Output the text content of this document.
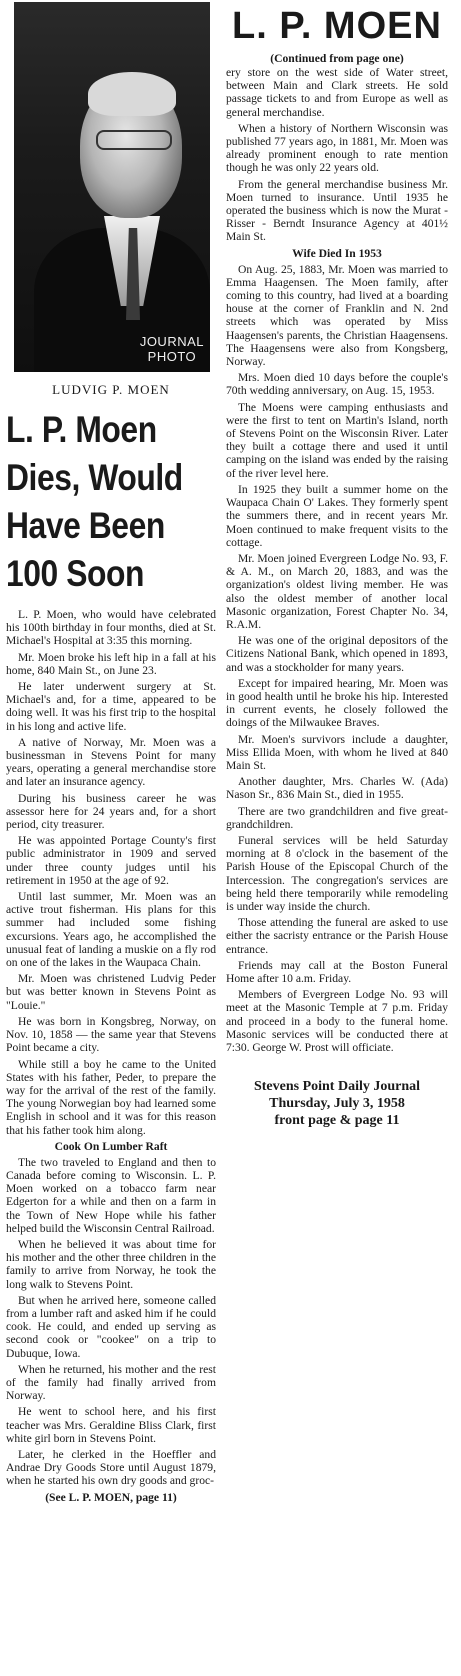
JOURNAL
PHOTO
LUDVIG P. MOEN
L. P. Moen Dies, Would Have Been 100 Soon

L. P. Moen, who would have celebrated his 100th birthday in four months, died at St. Michael's Hospital at 3:35 this morning.

Mr. Moen broke his left hip in a fall at his home, 840 Main St., on June 23.

He later underwent surgery at St. Michael's and, for a time, appeared to be doing well. It was his first trip to the hospital in his long and active life.

A native of Norway, Mr. Moen was a businessman in Stevens Point for many years, operating a general merchandise store and later an insurance agency.

During his business career he was assessor here for 24 years and, for a short period, city treasurer.

He was appointed Portage County's first public administrator in 1909 and served under three county judges until his retirement in 1950 at the age of 92.

Until last summer, Mr. Moen was an active trout fisherman. His plans for this summer had included some fishing excursions. Years ago, he accomplished the unusual feat of landing a muskie on a fly rod on one of the lakes in the Waupaca Chain.

Mr. Moen was christened Ludvig Peder but was better known in Stevens Point as "Louie."

He was born in Kongsbreg, Norway, on Nov. 10, 1858 — the same year that Stevens Point became a city.

While still a boy he came to the United States with his father, Peder, to prepare the way for the arrival of the rest of the family. The young Norwegian boy had learned some English in school and it was for this reason that his father took him along.

Cook On Lumber Raft

The two traveled to England and then to Canada before coming to Wisconsin. L. P. Moen worked on a tobacco farm near Edgerton for a while and then on a farm in the Town of New Hope while his father helped build the Wisconsin Central Railroad.

When he believed it was about time for his mother and the other three children in the family to arrive from Norway, he took the long walk to Stevens Point.

But when he arrived here, someone called from a lumber raft and asked him if he could cook. He could, and ended up serving as second cook or "cookee" on a trip to Dubuque, Iowa.

When he returned, his mother and the rest of the family had finally arrived from Norway.

He went to school here, and his first teacher was Mrs. Geraldine Bliss Clark, first white girl born in Stevens Point.

Later, he clerked in the Hoeffler and Andrae Dry Goods Store until August 1879, when he started his own dry goods and groc-

(See L. P. MOEN, page 11)
L. P. MOEN
(Continued from page one)

ery store on the west side of Water street, between Main and Clark streets. He sold passage tickets to and from Europe as well as general merchandise.

When a history of Northern Wisconsin was published 77 years ago, in 1881, Mr. Moen was already prominent enough to rate mention though he was only 22 years old.

From the general merchandise business Mr. Moen turned to insurance. Until 1935 he operated the business which is now the Murat - Risser - Berndt Insurance Agency at 401½ Main St.

Wife Died In 1953

On Aug. 25, 1883, Mr. Moen was married to Emma Haagensen. The Moen family, after coming to this country, had lived at a boarding house at the corner of Franklin and N. 2nd streets which was operated by Miss Haagensen's parents, the Christian Haagensens. The Haagensens were also from Kongsberg, Norway.

Mrs. Moen died 10 days before the couple's 70th wedding anniversary, on Aug. 15, 1953.

The Moens were camping enthusiasts and were the first to tent on Martin's Island, north of Stevens Point on the Wisconsin River. Later they built a cottage there and used it until camping on the island was ended by the raising of the river level here.

In 1925 they built a summer home on the Waupaca Chain O' Lakes. They formerly spent the summers there, and in recent years Mr. Moen continued to make frequent visits to the cottage.

Mr. Moen joined Evergreen Lodge No. 93, F. & A. M., on March 20, 1883, and was the organization's oldest living member. He was also the oldest member of another local Masonic organization, Forest Chapter No. 34, R.A.M.

He was one of the original depositors of the Citizens National Bank, which opened in 1893, and was a stockholder for many years.

Except for impaired hearing, Mr. Moen was in good health until he broke his hip. Interested in current events, he closely followed the doings of the Milwaukee Braves.

Mr. Moen's survivors include a daughter, Miss Ellida Moen, with whom he lived at 840 Main St.

Another daughter, Mrs. Charles W. (Ada) Nason Sr., 836 Main St., died in 1955.

There are two grandchildren and five great-grandchildren.

Funeral services will be held Saturday morning at 8 o'clock in the basement of the Parish House of the Episcopal Church of the Intercession. The congregation's services are being held there temporarily while remodeling is under way inside the church.

Those attending the funeral are asked to use either the sacristy entrance or the Parish House entrance.

Friends may call at the Boston Funeral Home after 10 a.m. Friday.

Members of Evergreen Lodge No. 93 will meet at the Masonic Temple at 7 p.m. Friday and proceed in a body to the funeral home. Masonic services will be conducted there at 7:30. George W. Prost will officiate.

Stevens Point Daily Journal
Thursday, July 3, 1958
front page & page 11
